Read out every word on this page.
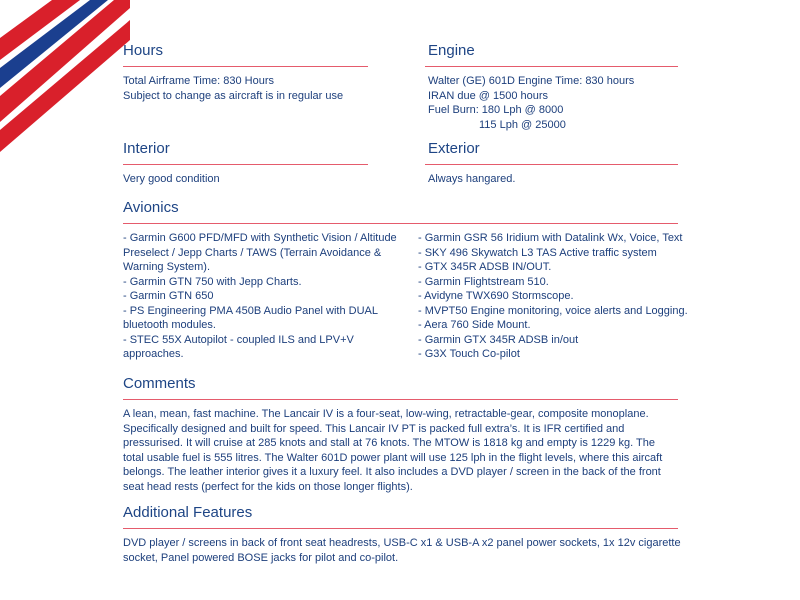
Hours
Total Airframe Time: 830 Hours
Subject to change as aircraft is in regular use
Engine
Walter (GE) 601D Engine Time: 830 hours
IRAN due @ 1500 hours
Fuel Burn: 180 Lph @ 8000
115 Lph @ 25000
Interior
Very good condition
Exterior
Always hangared.
Avionics
- Garmin G600 PFD/MFD with Synthetic Vision / Altitude
Preselect / Jepp Charts / TAWS (Terrain Avoidance &
Warning System).
- Garmin GTN 750 with Jepp Charts.
- Garmin GTN 650
- PS Engineering PMA 450B Audio Panel with DUAL
bluetooth modules.
- STEC 55X Autopilot - coupled ILS and LPV+V
approaches.
- Garmin GSR 56 Iridium with Datalink Wx, Voice, Text
- SKY 496 Skywatch L3 TAS Active traffic system
- GTX 345R ADSB IN/OUT.
- Garmin Flightstream 510.
- Avidyne TWX690 Stormscope.
- MVPT50 Engine monitoring, voice alerts and Logging.
- Aera 760 Side Mount.
- Garmin GTX 345R ADSB in/out
- G3X Touch Co-pilot
Comments
A lean, mean, fast machine. The Lancair IV is a four-seat, low-wing, retractable-gear, composite monoplane.
Specifically designed and built for speed. This Lancair IV PT is packed full extra’s. It is IFR certified and
pressurised. It will cruise at 285 knots and stall at 76 knots. The MTOW is 1818 kg and empty is 1229 kg. The
total usable fuel is 555 litres. The Walter 601D power plant will use 125 lph in the flight levels, where this aircaft
belongs. The leather interior gives it a luxury feel. It also includes a DVD player / screen in the back of the front
seat head rests (perfect for the kids on those longer flights).
Additional Features
DVD player / screens in back of front seat headrests, USB-C x1 & USB-A x2 panel power sockets, 1x 12v cigarette
socket, Panel powered BOSE jacks for pilot and co-pilot.
